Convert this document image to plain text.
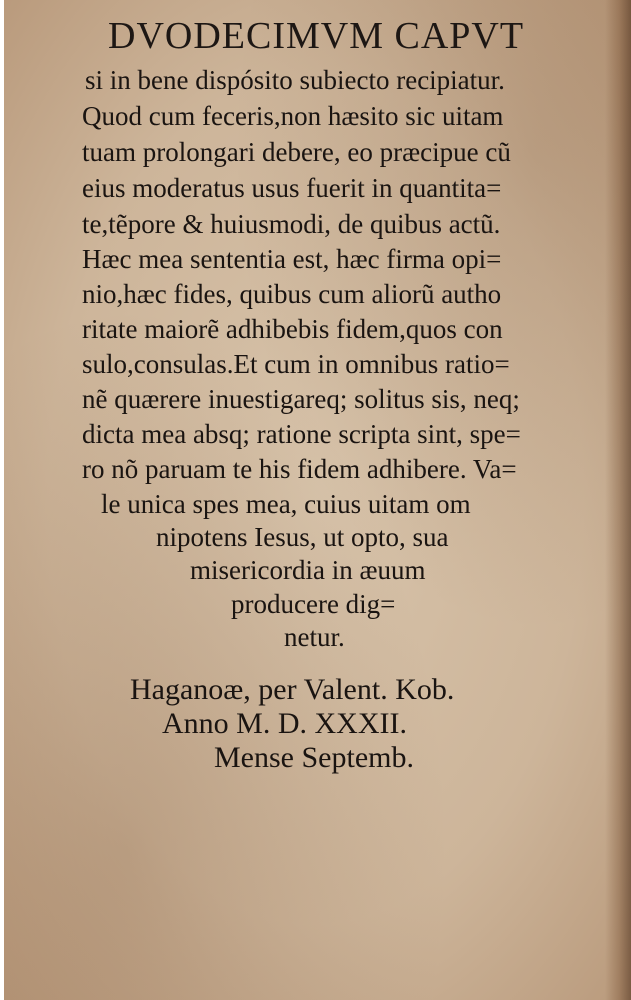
DVODECIMVM CAPVT
si in bene dispósito subiecto recipiatur.
Quod cum feceris,non hæsito sic uitam
tuam prolongari debere, eo præcipue cũ
eius moderatus usus fuerit in quantita=
te,tẽpore & huiusmodi, de quibus actũ.
Hæc mea sententia est, hæc firma opi=
nio,hæc fides, quibus cum aliorũ autho
ritate maiorẽ adhibebis fidem,quos con
sulo,consulas.Et cum in omnibus ratio=
nẽ quærere inuestigareq; solitus sis, neq;
dicta mea absq; ratione scripta sint, spe=
ro nõ paruam te his fidem adhibere. Va=
le unica spes mea, cuius uitam om
nipotens Iesus, ut opto, sua
misericordia in æuum
producere dig=
netur.
Haganoæ, per Valent. Kob.
Anno M. D. XXXII.
Mense Septemb.
